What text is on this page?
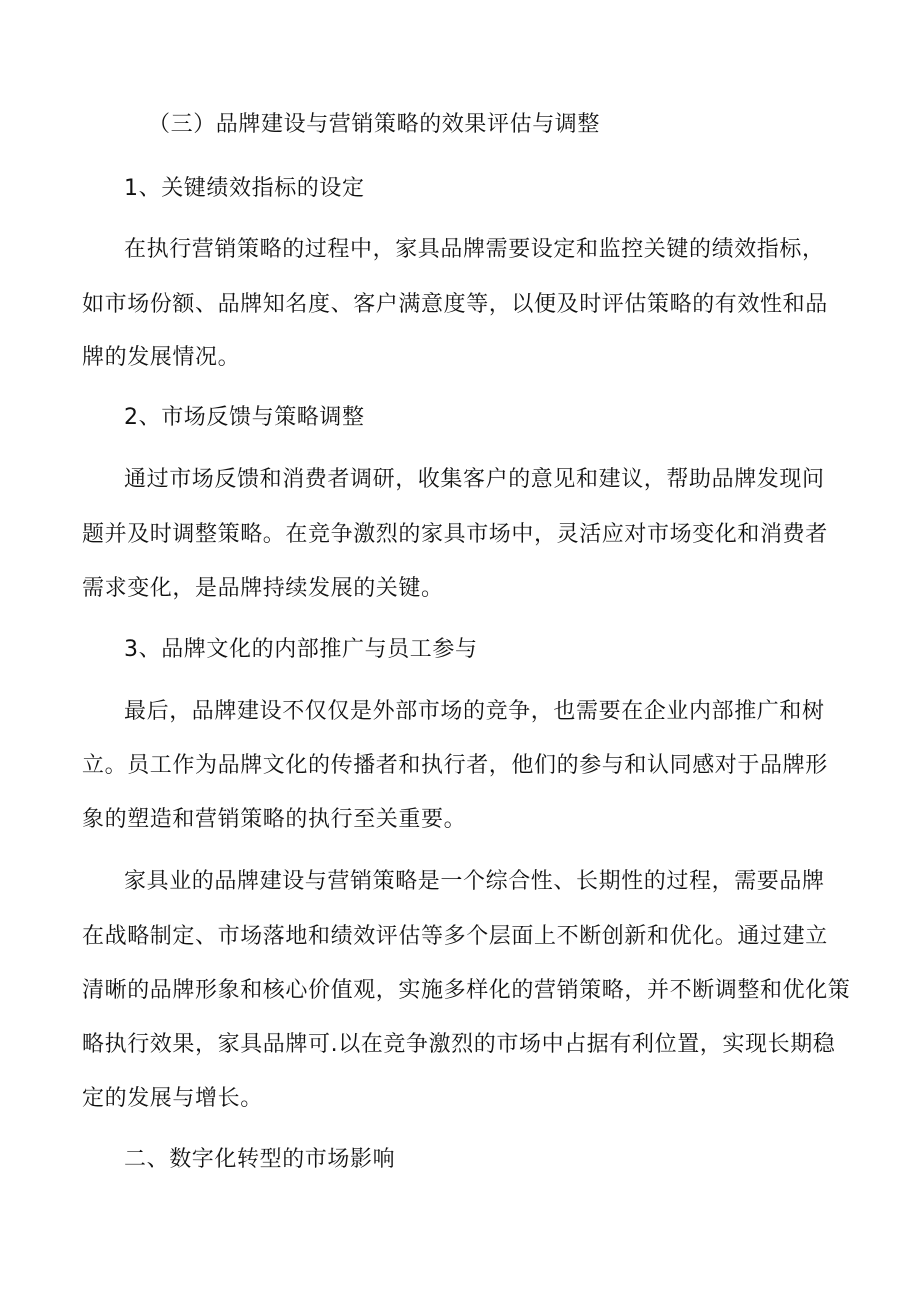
（三）品牌建设与营销策略的效果评估与调整
1、关键绩效指标的设定
在执行营销策略的过程中，家具品牌需要设定和监控关键的绩效指标，
如市场份额、品牌知名度、客户满意度等，以便及时评估策略的有效性和品
牌的发展情况。
2、市场反馈与策略调整
通过市场反馈和消费者调研，收集客户的意见和建议，帮助品牌发现问
题并及时调整策略。在竞争激烈的家具市场中，灵活应对市场变化和消费者
需求变化，是品牌持续发展的关键。
3、品牌文化的内部推广与员工参与
最后，品牌建设不仅仅是外部市场的竞争，也需要在企业内部推广和树
立。员工作为品牌文化的传播者和执行者，他们的参与和认同感对于品牌形
象的塑造和营销策略的执行至关重要。
家具业的品牌建设与营销策略是一个综合性、长期性的过程，需要品牌
在战略制定、市场落地和绩效评估等多个层面上不断创新和优化。通过建立
清晰的品牌形象和核心价值观，实施多样化的营销策略，并不断调整和优化策
略执行效果，家具品牌可.以在竞争激烈的市场中占据有利位置，实现长期稳
定的发展与增长。
二、数字化转型的市场影响
